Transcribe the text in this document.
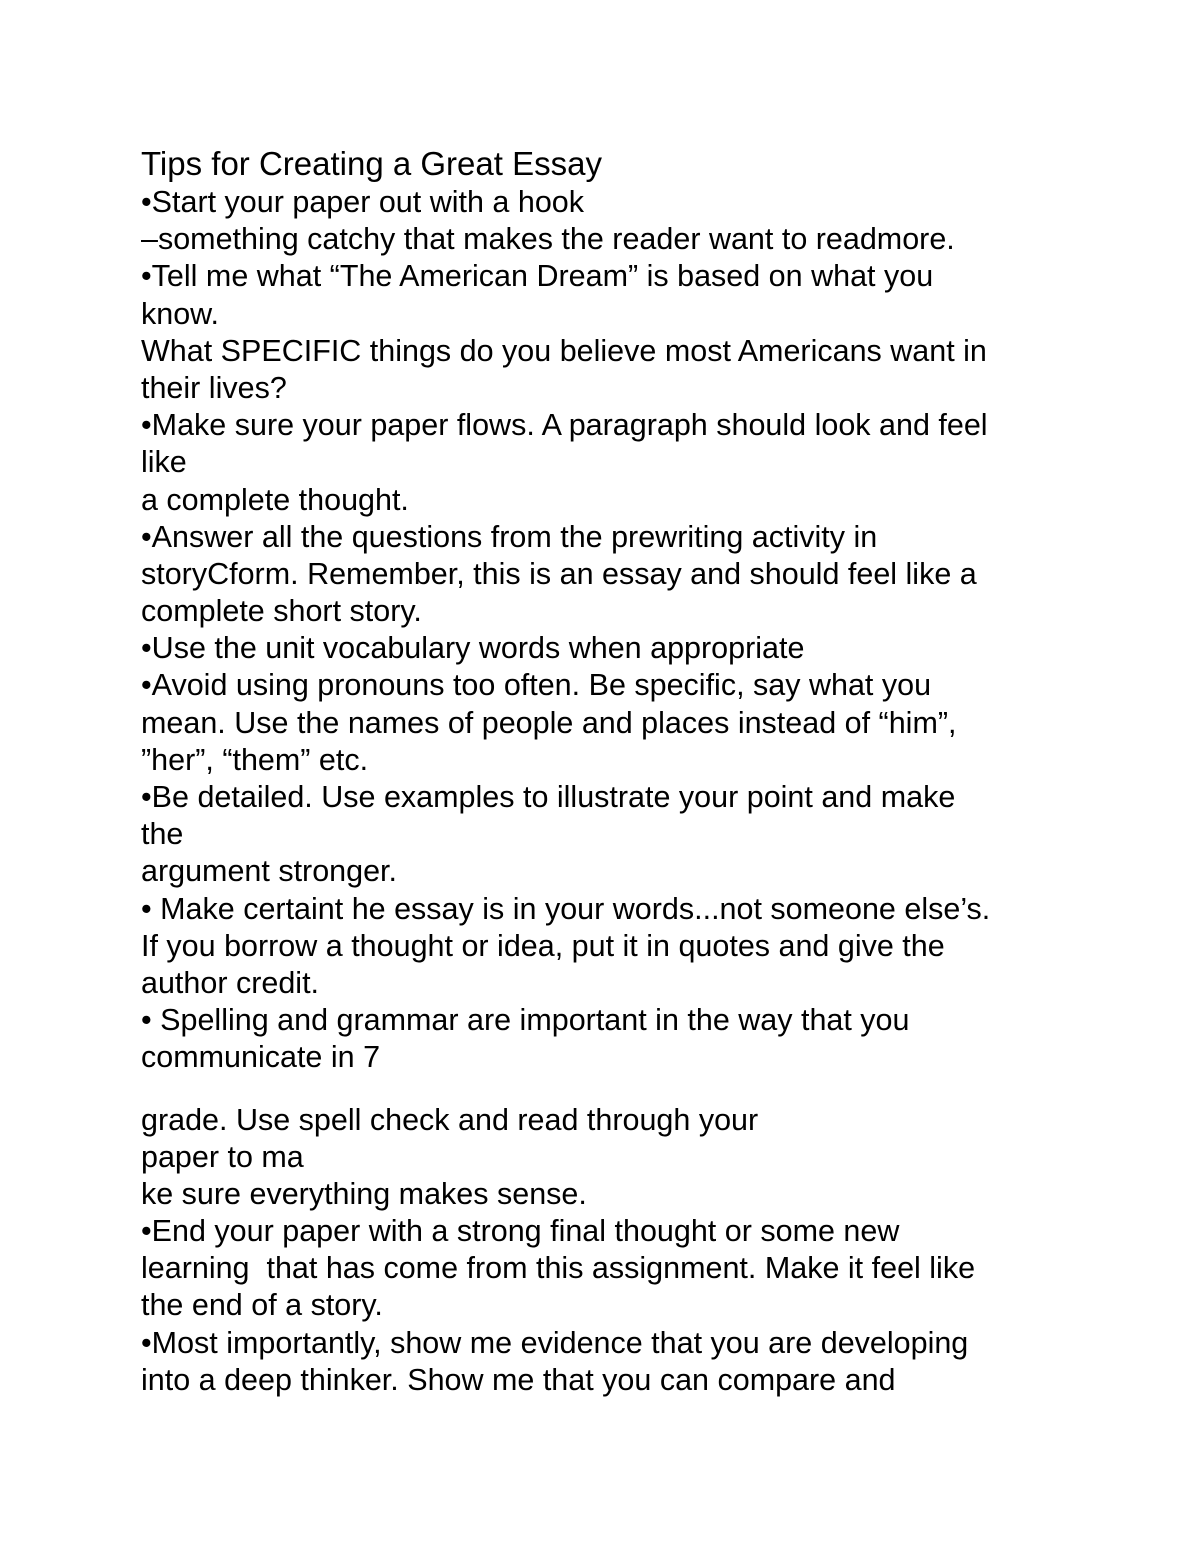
Tips for Creating a Great Essay
•Start your paper out with a hook
–something catchy that makes the reader want to readmore.
•Tell me what “The American Dream” is based on what you
know.
What SPECIFIC things do you believe most Americans want in
their lives?
•Make sure your paper flows. A paragraph should look and feel
like
a complete thought.
•Answer all the questions from the prewriting activity in
storyCform. Remember, this is an essay and should feel like a
complete short story.
•Use the unit vocabulary words when appropriate
•Avoid using pronouns too often. Be specific, say what you
mean. Use the names of people and places instead of “him”,
”her”, “them” etc.
•Be detailed. Use examples to illustrate your point and make
the
argument stronger.
• Make certaint he essay is in your words...not someone else’s.
If you borrow a thought or idea, put it in quotes and give the
author credit.
• Spelling and grammar are important in the way that you
communicate in 7
grade. Use spell check and read through your
paper to ma
ke sure everything makes sense.
•End your paper with a strong final thought or some new
learning  that has come from this assignment. Make it feel like
the end of a story.
•Most importantly, show me evidence that you are developing
into a deep thinker. Show me that you can compare and
